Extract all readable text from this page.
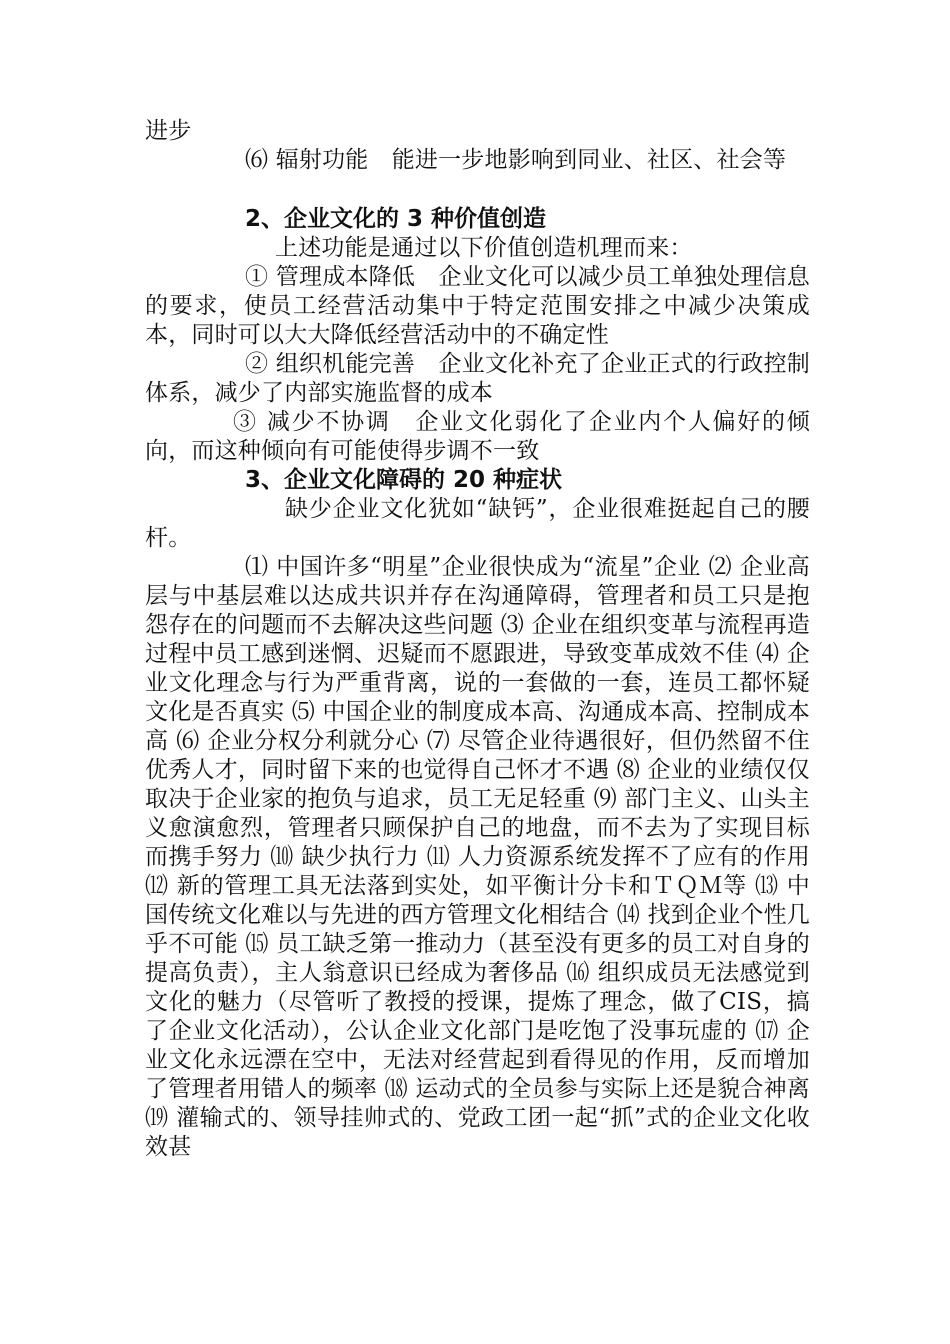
进步

⑹ 辐射功能　能进一步地影响到同业、社区、社会等

2、企业文化的 3 种价值创造

上述功能是通过以下价值创造机理而来：

① 管理成本降低　企业文化可以减少员工单独处理信息的要求，使员工经营活动集中于特定范围安排之中减少决策成本，同时可以大大降低经营活动中的不确定性

② 组织机能完善　企业文化补充了企业正式的行政控制体系，减少了内部实施监督的成本

③ 减少不协调　企业文化弱化了企业内个人偏好的倾向，而这种倾向有可能使得步调不一致

3、企业文化障碍的 20 种症状

缺少企业文化犹如“缺钙”，企业很难挺起自己的腰杆。

⑴ 中国许多“明星”企业很快成为“流星”企业 ⑵ 企业高层与中基层难以达成共识并存在沟通障碍，管理者和员工只是抱怨存在的问题而不去解决这些问题 ⑶ 企业在组织变革与流程再造过程中员工感到迷惘、迟疑而不愿跟进，导致变革成效不佳 ⑷ 企业文化理念与行为严重背离，说的一套做的一套，连员工都怀疑文化是否真实 ⑸ 中国企业的制度成本高、沟通成本高、控制成本高 ⑹ 企业分权分利就分心 ⑺ 尽管企业待遇很好，但仍然留不住优秀人才，同时留下来的也觉得自己怀才不遇 ⑻ 企业的业绩仅仅取决于企业家的抱负与追求，员工无足轻重 ⑼ 部门主义、山头主义愈演愈烈，管理者只顾保护自己的地盘，而不去为了实现目标而携手努力 ⑽ 缺少执行力 ⑾ 人力资源系统发挥不了应有的作用 ⑿ 新的管理工具无法落到实处，如平衡计分卡和ＴＱＭ等 ⒀ 中国传统文化难以与先进的西方管理文化相结合 ⒁ 找到企业个性几乎不可能 ⒂ 员工缺乏第一推动力（甚至没有更多的员工对自身的提高负责），主人翁意识已经成为奢侈品 ⒃ 组织成员无法感觉到文化的魅力（尽管听了教授的授课，提炼了理念，做了CIS，搞了企业文化活动），公认企业文化部门是吃饱了没事玩虚的 ⒄ 企业文化永远漂在空中，无法对经营起到看得见的作用，反而增加了管理者用错人的频率 ⒅ 运动式的全员参与实际上还是貌合神离 ⒆ 灌输式的、领导挂帅式的、党政工团一起“抓”式的企业文化收效甚
